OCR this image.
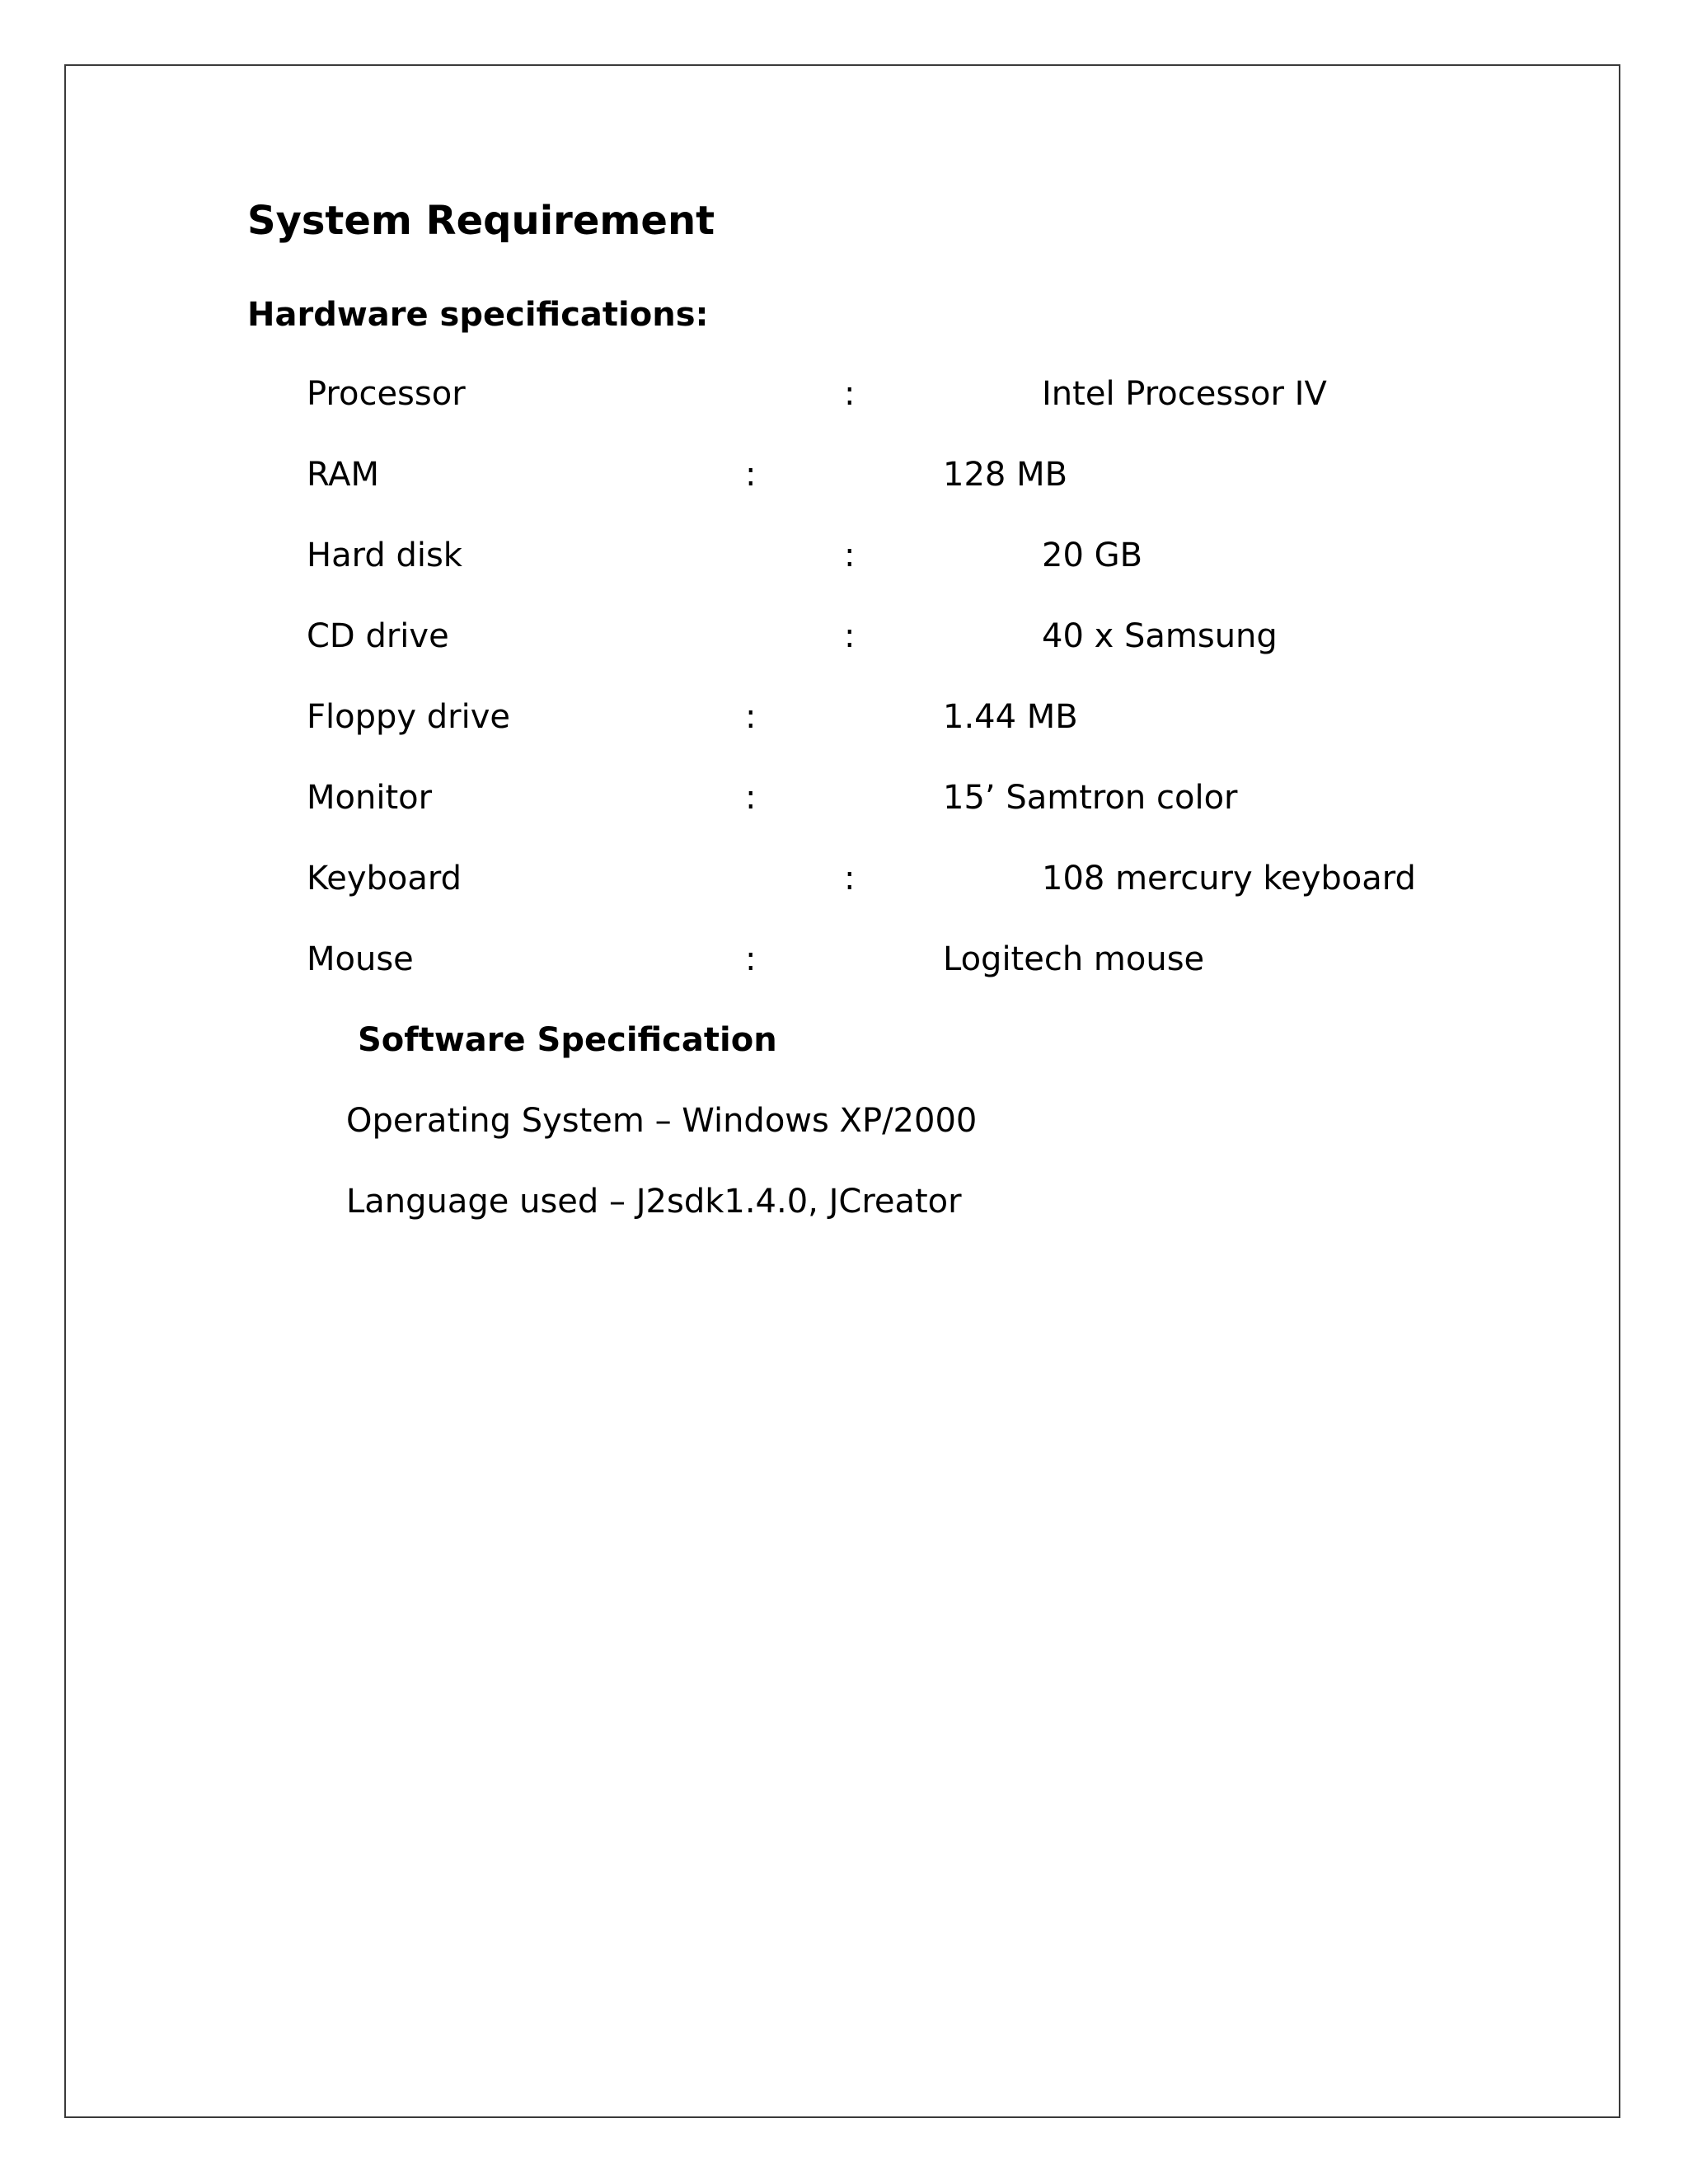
System Requirement
Hardware specifications:
Processor	:	Intel Processor IV
RAM	:	128 MB
Hard disk	:	20 GB
CD drive	:	40 x Samsung
Floppy drive	:	1.44 MB
Monitor	:	15’ Samtron color
Keyboard	:	108 mercury keyboard
Mouse	:	Logitech mouse
Software Specification
Operating System – Windows XP/2000
Language used – J2sdk1.4.0, JCreator
